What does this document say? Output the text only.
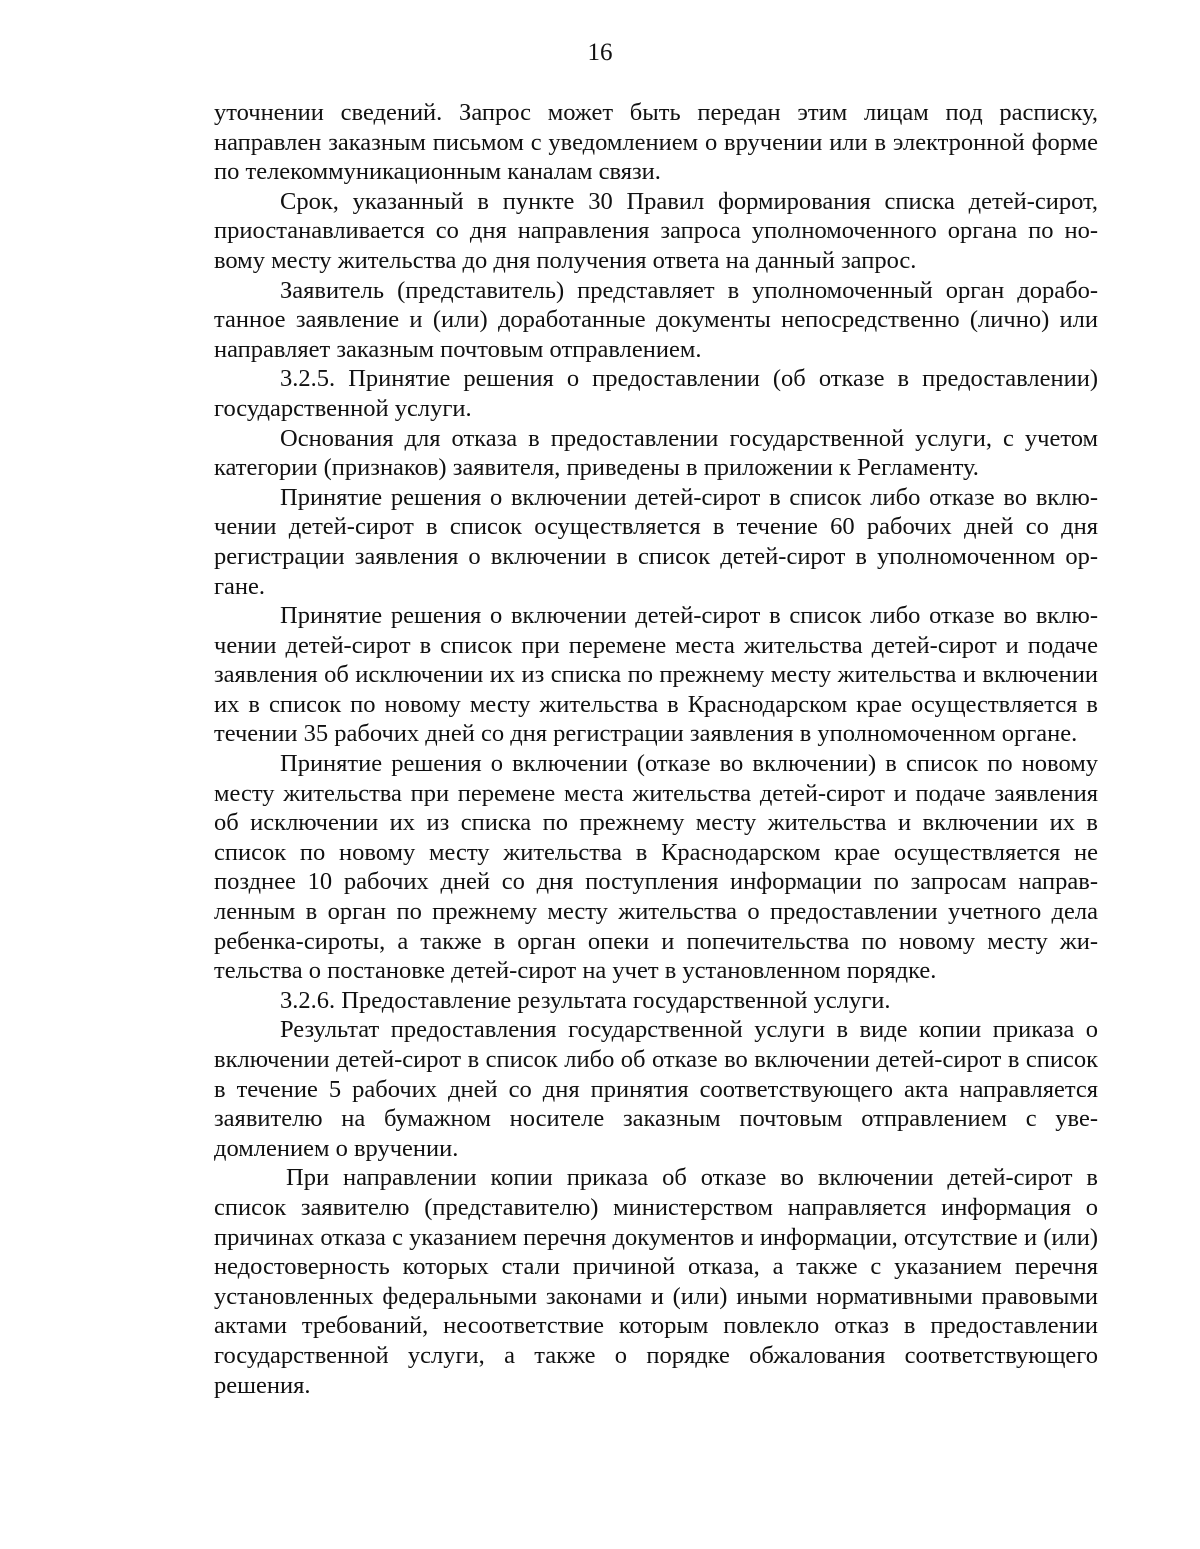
16

уточнении сведений. Запрос может быть передан этим лицам под расписку, направлен заказным письмом с уведомлением о вручении или в электронной форме по телекоммуникационным каналам связи.

Срок, указанный в пункте 30 Правил формирования списка детей-сирот, приостанавливается со дня направления запроса уполномоченного органа по новому месту жительства до дня получения ответа на данный запрос.

Заявитель (представитель) представляет в уполномоченный орган доработанное заявление и (или) доработанные документы непосредственно (лично) или направляет заказным почтовым отправлением.

3.2.5. Принятие решения о предоставлении (об отказе в предоставлении) государственной услуги.

Основания для отказа в предоставлении государственной услуги, с учетом категории (признаков) заявителя, приведены в приложении к Регламенту.

Принятие решения о включении детей-сирот в список либо отказе во включении детей-сирот в список осуществляется в течение 60 рабочих дней со дня регистрации заявления о включении в список детей-сирот в уполномоченном органе.

Принятие решения о включении детей-сирот в список либо отказе во включении детей-сирот в список при перемене места жительства детей-сирот и подаче заявления об исключении их из списка по прежнему месту жительства и включении их в список по новому месту жительства в Краснодарском крае осуществляется в течении 35 рабочих дней со дня регистрации заявления в уполномоченном органе.

Принятие решения о включении (отказе во включении) в список по новому месту жительства при перемене места жительства детей-сирот и подаче заявления об исключении их из списка по прежнему месту жительства и включении их в список по новому месту жительства в Краснодарском крае осуществляется не позднее 10 рабочих дней со дня поступления информации по запросам направленным в орган по прежнему месту жительства о предоставлении учетного дела ребенка-сироты, а также в орган опеки и попечительства по новому месту жительства о постановке детей-сирот на учет в установленном порядке.

3.2.6. Предоставление результата государственной услуги.

Результат предоставления государственной услуги в виде копии приказа о включении детей-сирот в список либо об отказе во включении детей-сирот в список в течение 5 рабочих дней со дня принятия соответствующего акта направляется заявителю на бумажном носителе заказным почтовым отправлением с уведомлением о вручении.

При направлении копии приказа об отказе во включении детей-сирот в список заявителю (представителю) министерством направляется информация о причинах отказа с указанием перечня документов и информации, отсутствие и (или) недостоверность которых стали причиной отказа, а также с указанием перечня установленных федеральными законами и (или) иными нормативными правовыми актами требований, несоответствие которым повлекло отказ в предоставлении государственной услуги, а также о порядке обжалования соответствующего решения.
